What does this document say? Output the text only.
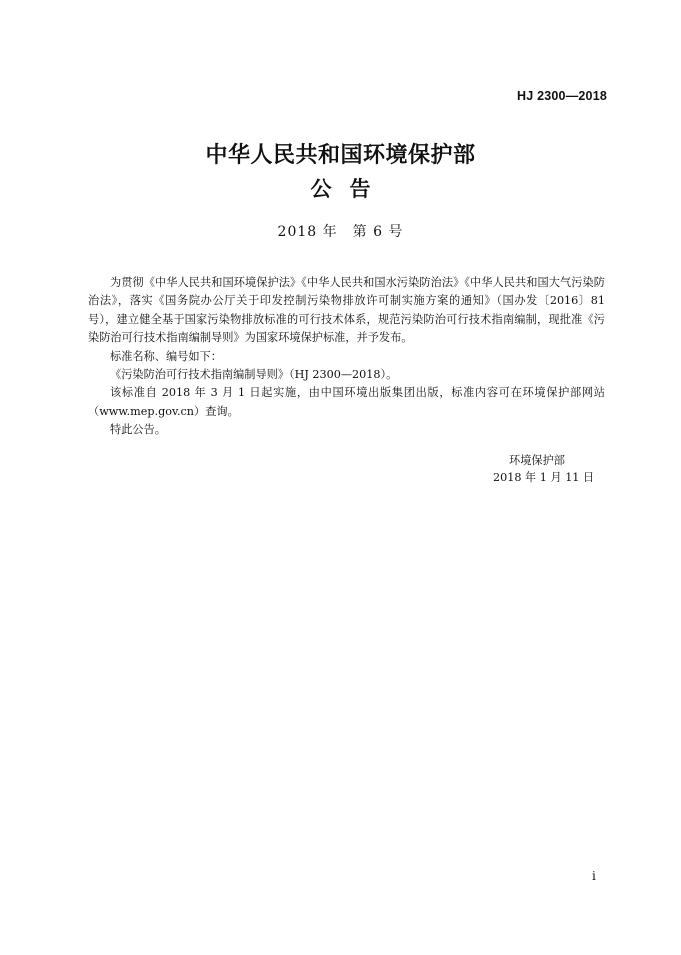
HJ 2300—2018
中华人民共和国环境保护部
公告
2018 年　第 6 号

为贯彻《中华人民共和国环境保护法》《中华人民共和国水污染防治法》《中华人民共和国大气污染防治法》，落实《国务院办公厅关于印发控制污染物排放许可制实施方案的通知》（国办发〔2016〕81 号），建立健全基于国家污染物排放标准的可行技术体系，规范污染防治可行技术指南编制，现批准《污染防治可行技术指南编制导则》为国家环境保护标准，并予发布。

标准名称、编号如下：

《污染防治可行技术指南编制导则》（HJ 2300—2018）。

该标准自 2018 年 3 月 1 日起实施，由中国环境出版集团出版，标准内容可在环境保护部网站（www.mep.gov.cn）查询。

特此公告。

环境保护部
2018 年 1 月 11 日
i
